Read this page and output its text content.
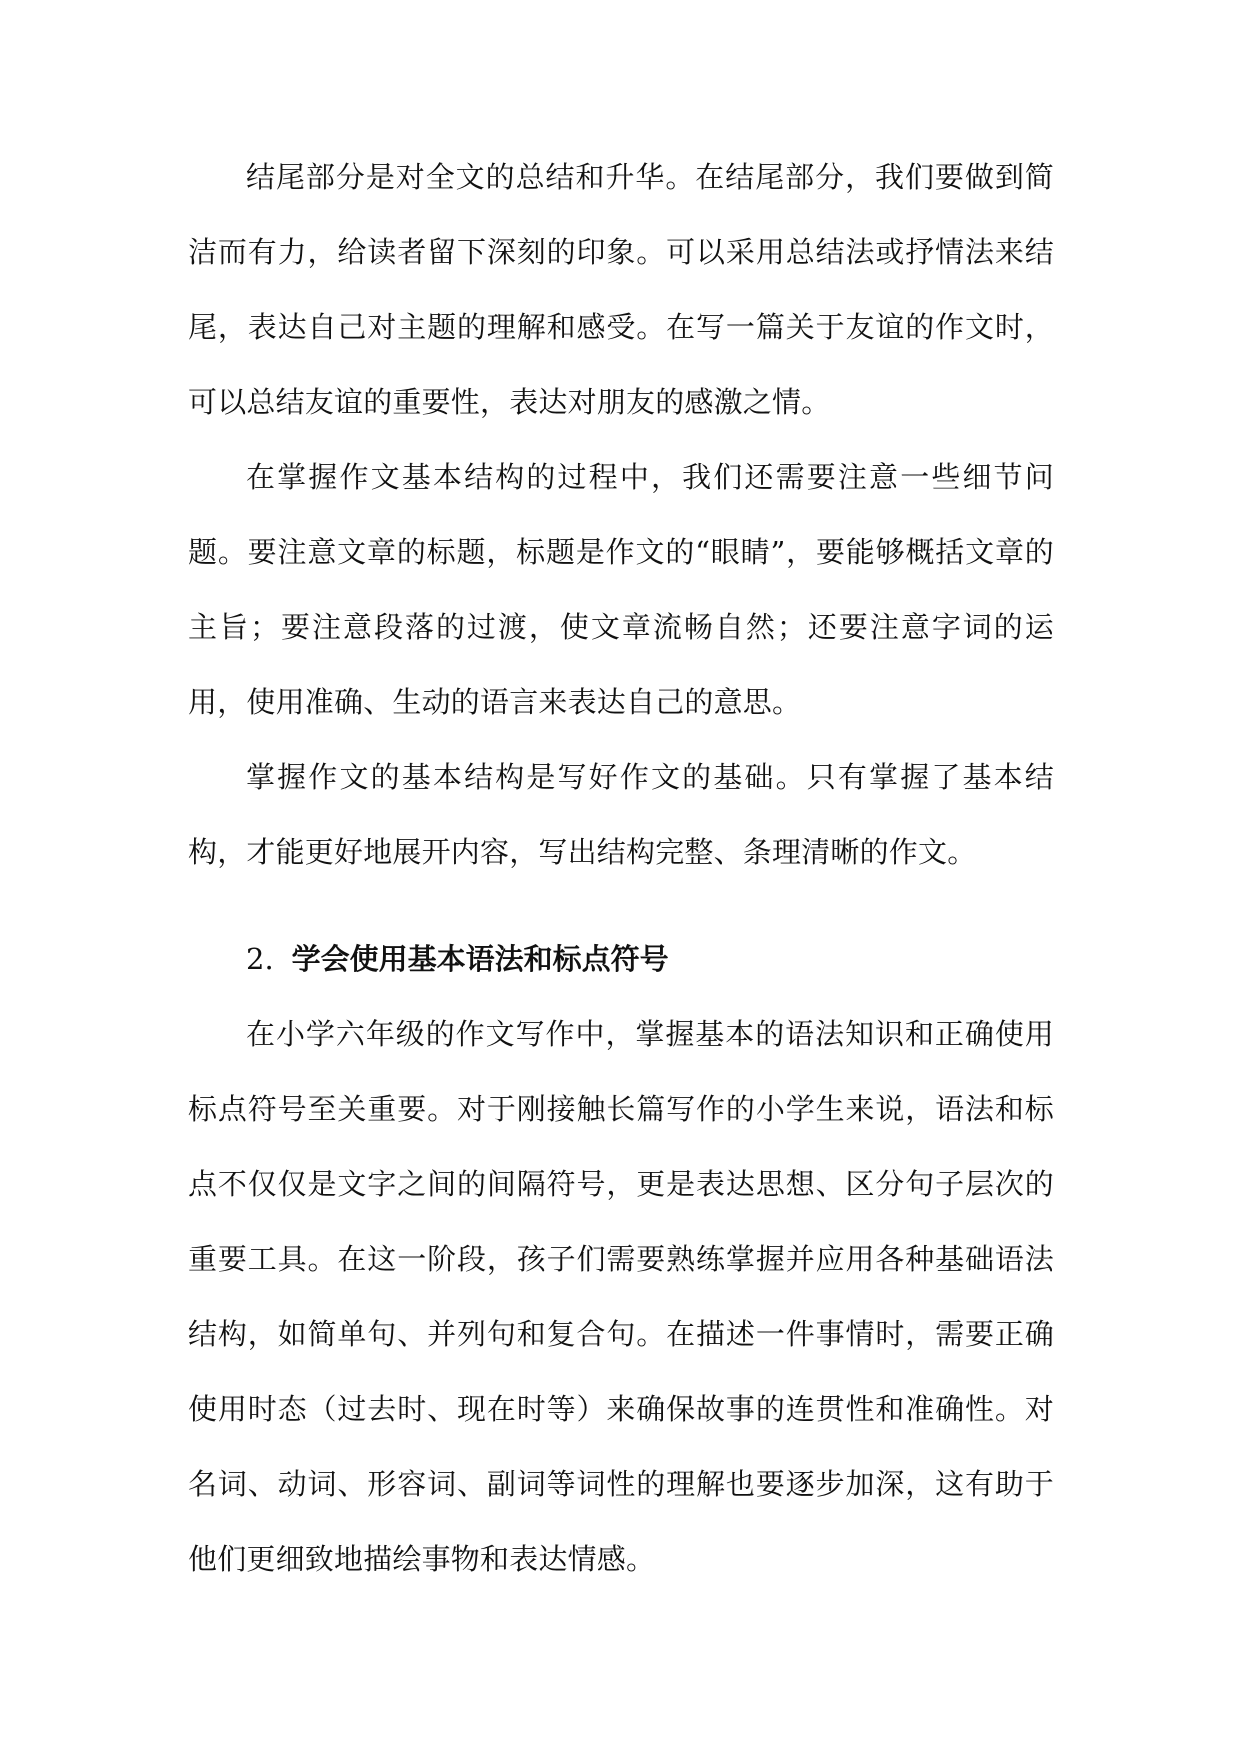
结尾部分是对全文的总结和升华。在结尾部分，我们要做到简洁而有力，给读者留下深刻的印象。可以采用总结法或抒情法来结尾，表达自己对主题的理解和感受。在写一篇关于友谊的作文时，可以总结友谊的重要性，表达对朋友的感激之情。

在掌握作文基本结构的过程中，我们还需要注意一些细节问题。要注意文章的标题，标题是作文的“眼睛”，要能够概括文章的主旨；要注意段落的过渡，使文章流畅自然；还要注意字词的运用，使用准确、生动的语言来表达自己的意思。

掌握作文的基本结构是写好作文的基础。只有掌握了基本结构，才能更好地展开内容，写出结构完整、条理清晰的作文。

2. 学会使用基本语法和标点符号

在小学六年级的作文写作中，掌握基本的语法知识和正确使用标点符号至关重要。对于刚接触长篇写作的小学生来说，语法和标点不仅仅是文字之间的间隔符号，更是表达思想、区分句子层次的重要工具。在这一阶段，孩子们需要熟练掌握并应用各种基础语法结构，如简单句、并列句和复合句。在描述一件事情时，需要正确使用时态（过去时、现在时等）来确保故事的连贯性和准确性。对名词、动词、形容词、副词等词性的理解也要逐步加深，这有助于他们更细致地描绘事物和表达情感。
